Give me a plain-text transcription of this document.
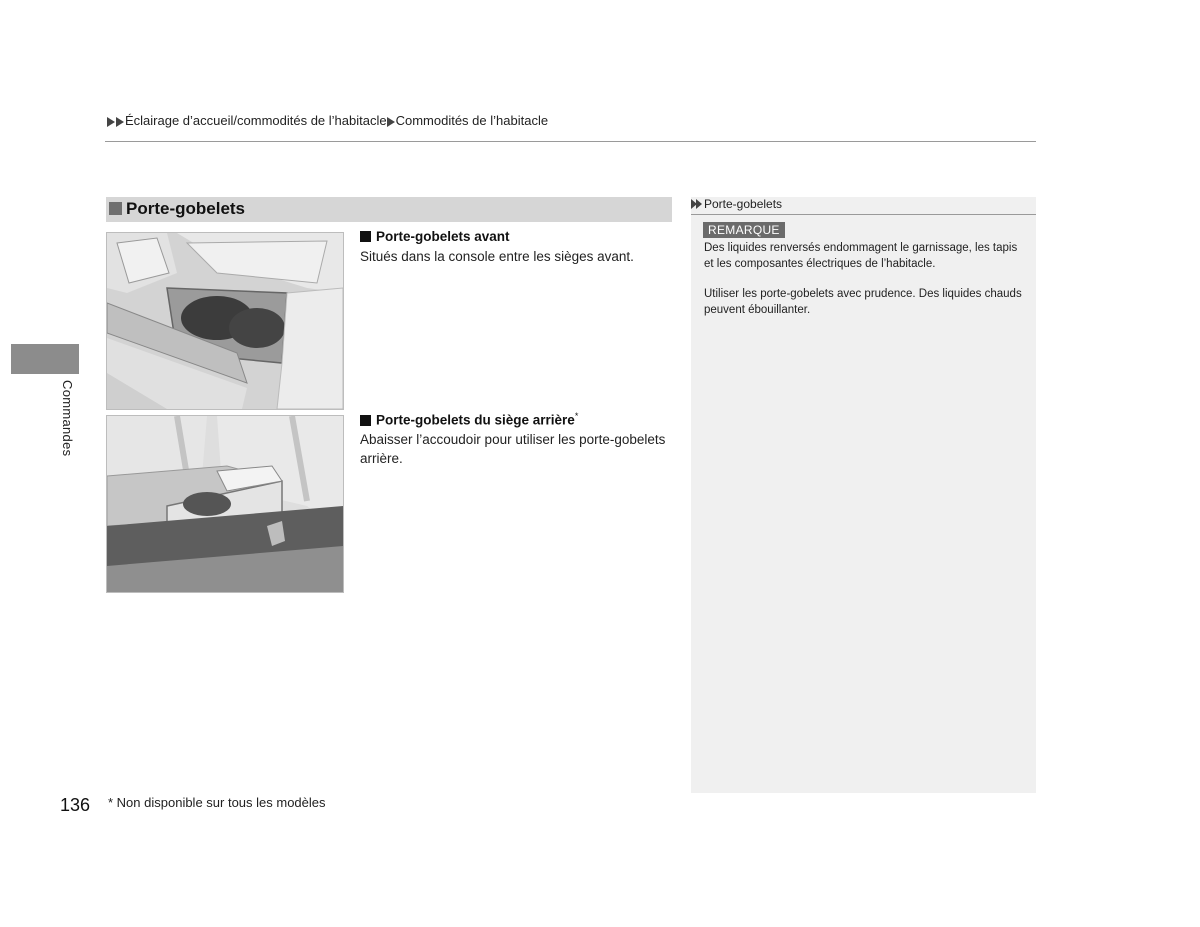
Éclairage d’accueil/commodités de l’habitacle Commodités de l’habitacle
Porte-gobelets
Porte-gobelets avant
Situés dans la console entre les sièges avant.
Porte-gobelets du siège arrière*
Abaisser l’accoudoir pour utiliser les porte-gobelets arrière.
Porte-gobelets
REMARQUE
Des liquides renversés endommagent le garnissage, les tapis et les composantes électriques de l’habitacle.
Utiliser les porte-gobelets avec prudence. Des liquides chauds peuvent ébouillanter.
Commandes
136 * Non disponible sur tous les modèles
